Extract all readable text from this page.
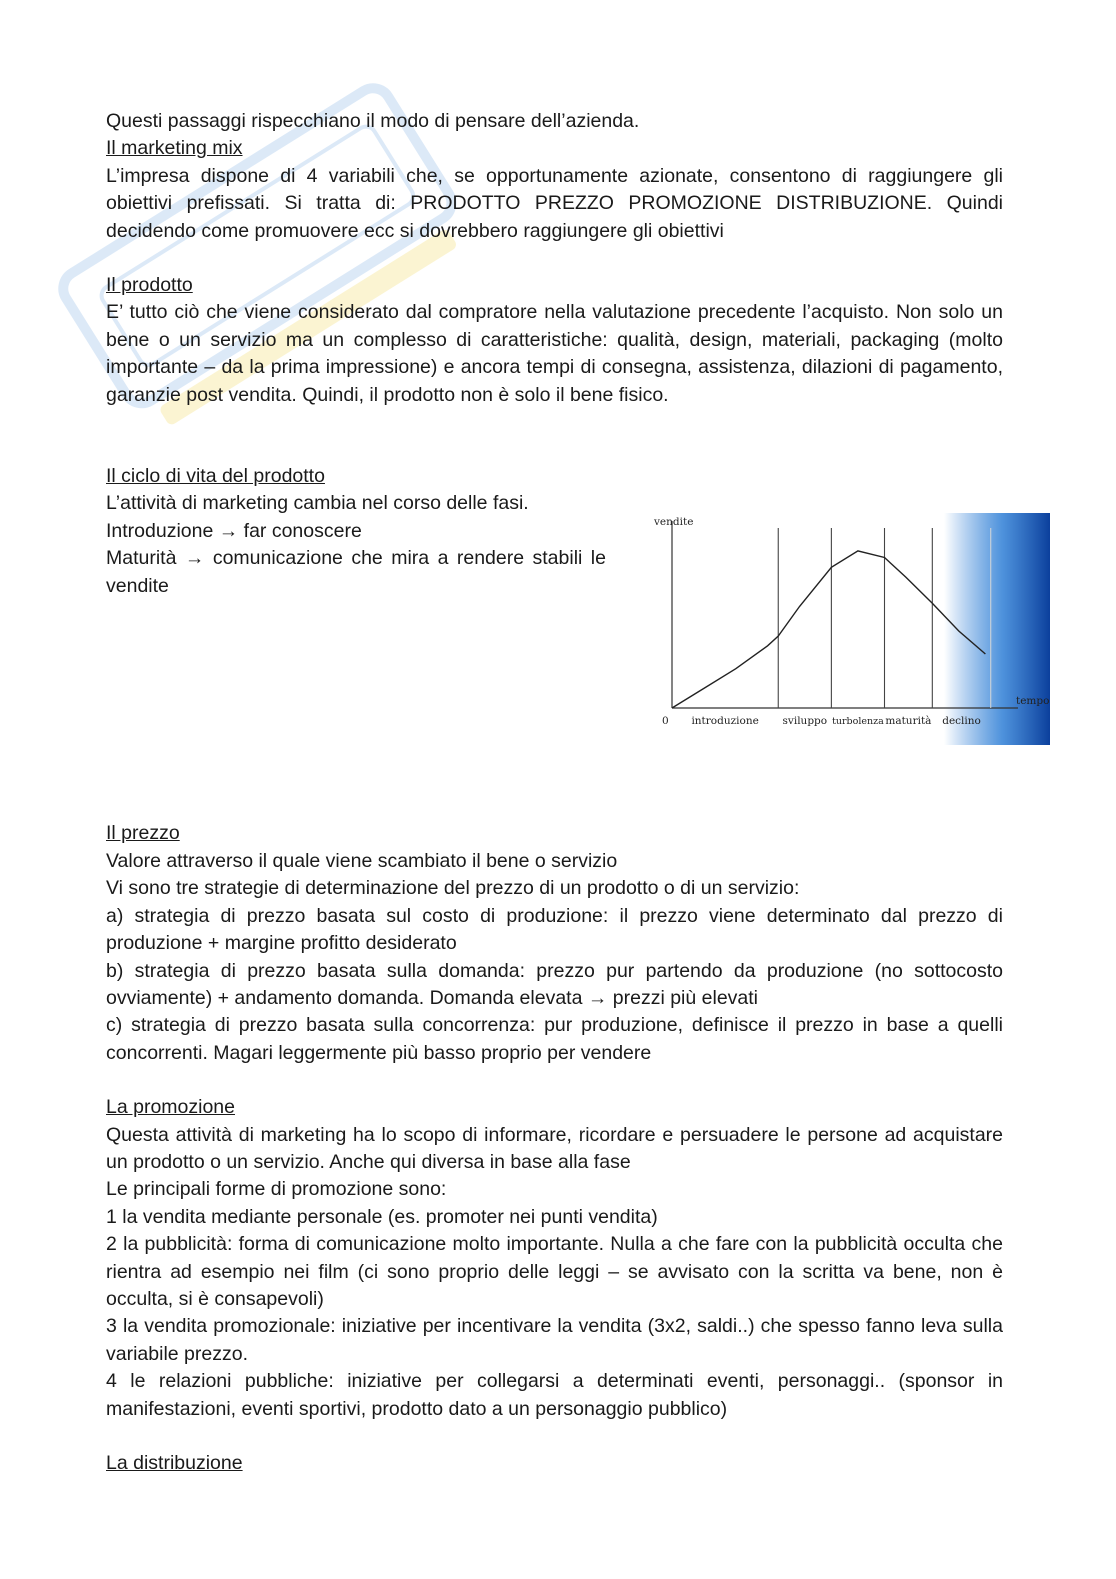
Questi passaggi rispecchiano il modo di pensare dell’azienda.

Il marketing mix

L’impresa dispone di 4 variabili che, se opportunamente azionate, consentono di raggiungere gli obiettivi prefissati. Si tratta di: PRODOTTO PREZZO PROMOZIONE DISTRIBUZIONE. Quindi decidendo come promuovere ecc si dovrebbero raggiungere gli obiettivi

Il prodotto

E’ tutto ciò che viene considerato dal compratore nella valutazione precedente l’acquisto. Non solo un bene o un servizio ma un complesso di caratteristiche: qualità, design, materiali, packaging (molto importante – da la prima impressione) e ancora tempi di consegna, assistenza, dilazioni di pagamento, garanzie post vendita. Quindi, il prodotto non è solo il bene fisico.

Il ciclo di vita del prodotto

L’attività di marketing cambia nel corso delle fasi.

Introduzione → far conoscere

Maturità → comunicazione che mira a rendere stabili le vendite

vendite
0
tempo
introduzione sviluppo turbolenza maturità declino

Il prezzo

Valore attraverso il quale viene scambiato il bene o servizio

Vi sono tre strategie di determinazione del prezzo di un prodotto o di un servizio:

a) strategia di prezzo basata sul costo di produzione: il prezzo viene determinato dal prezzo di produzione + margine profitto desiderato

b) strategia di prezzo basata sulla domanda: prezzo pur partendo da produzione (no sottocosto ovviamente) + andamento domanda. Domanda elevata → prezzi più elevati

c) strategia di prezzo basata sulla concorrenza: pur produzione, definisce il prezzo in base a quelli concorrenti. Magari leggermente più basso proprio per vendere

La promozione

Questa attività di marketing ha lo scopo di informare, ricordare e persuadere le persone ad acquistare un prodotto o un servizio. Anche qui diversa in base alla fase

Le principali forme di promozione sono:

1 la vendita mediante personale (es. promoter nei punti vendita)

2 la pubblicità: forma di comunicazione molto importante. Nulla a che fare con la pubblicità occulta che rientra ad esempio nei film (ci sono proprio delle leggi – se avvisato con la scritta va bene, non è occulta, si è consapevoli)

3 la vendita promozionale: iniziative per incentivare la vendita (3x2, saldi..) che spesso fanno leva sulla variabile prezzo.

4 le relazioni pubbliche: iniziative per collegarsi a determinati eventi, personaggi.. (sponsor in manifestazioni, eventi sportivi, prodotto dato a un personaggio pubblico)

La distribuzione
